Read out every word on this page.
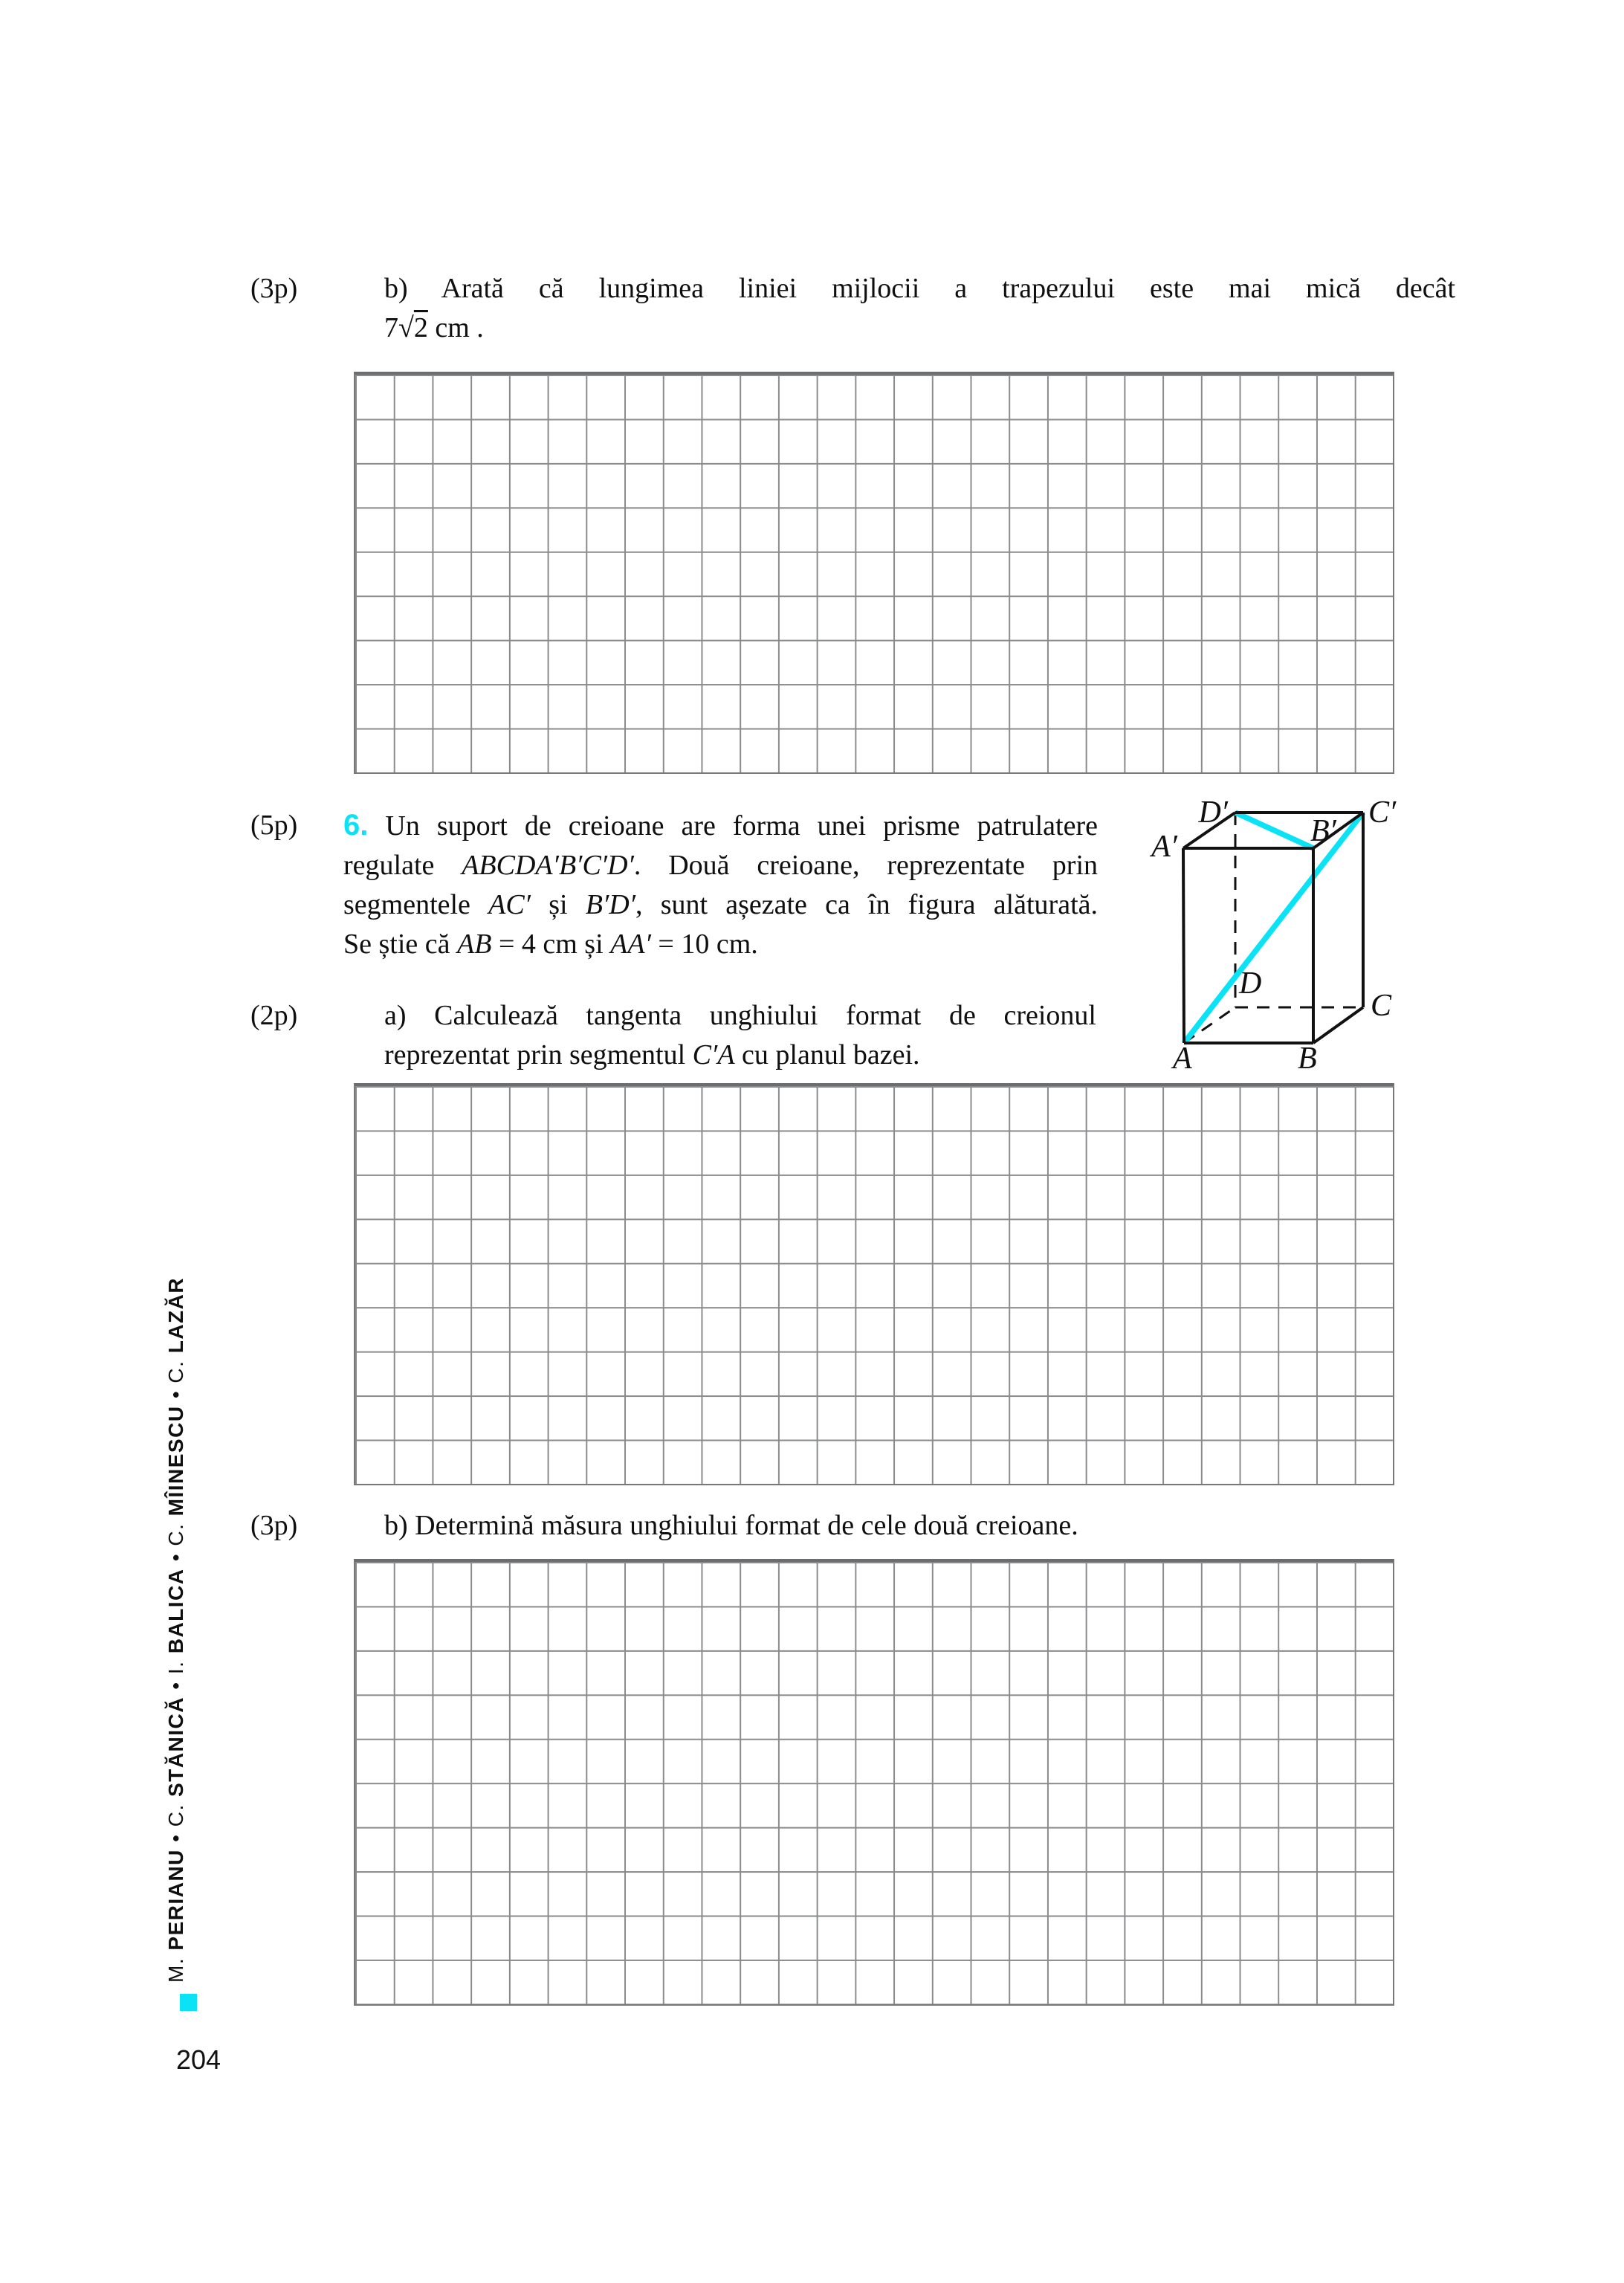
(3p)	b) Arată că lungimea liniei mijlocii a trapezului este mai mică decât
7√2 cm .
(5p) 6. Un suport de creioane are forma unei prisme patrulatere
regulate ABCDA′B′C′D′. Două creioane, reprezentate prin
segmentele AC′ și B′D′, sunt așezate ca în figura alăturată.
Se știe că AB = 4 cm și AA′ = 10 cm.
A′
D′	C′
B′
A	B
C
D
(2p)	a) Calculează tangenta unghiului format de creionul
reprezentat prin segmentul C′A cu planul bazei.
(3p)	b) Determină măsura unghiului format de cele două creioane.
M. PERIANU • C. STĂNICĂ • I. BALICA • C. MÎINESCU • C. LAZĂR
204
